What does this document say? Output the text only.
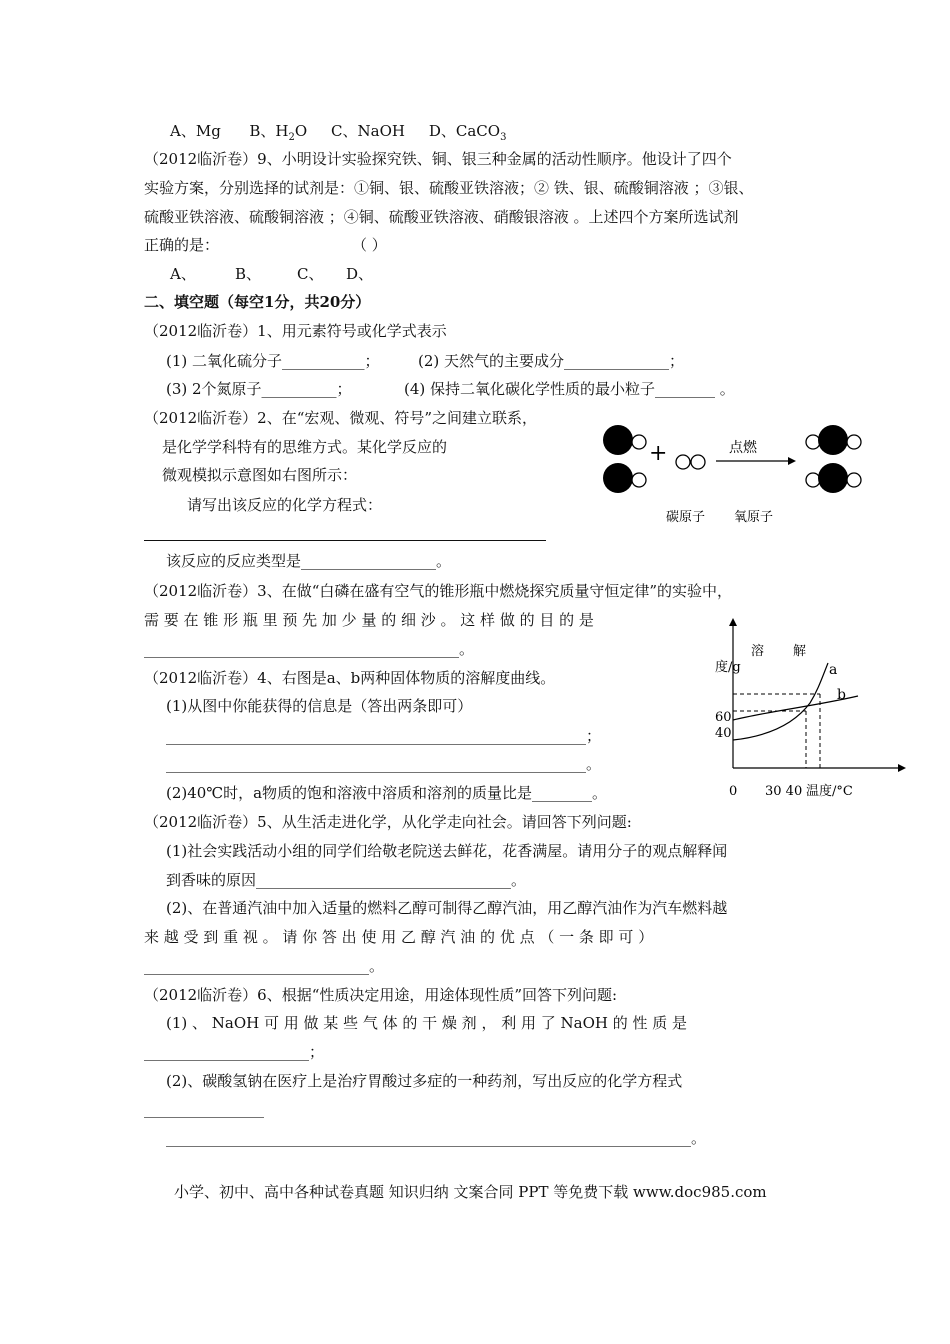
A、Mg B、$H_2O$ C、NaOH D、CaCO$_3$
（2012临沂卷）9、小明设计实验探究铁、铜、银三种金属的活动性顺序。他设计了四个
实验方案，分别选择的试剂是：①铜、银、硫酸亚铁溶液；② 铁、银、硫酸铜溶液 ；③银、
硫酸亚铁溶液、硫酸铜溶液 ；④铜、硫酸亚铁溶液、硝酸银溶液 。上述四个方案所选试剂
正确的是：	（ ）
A、	B、 C、 D、
二、填空题（每空1分，共20分）
（2012临沂卷）1、用元素符号或化学式表示
(1) 二氧化硫分子___________；	(2) 天然气的主要成分______________；
(3) 2个氮原子__________；	(4) 保持二氧化碳化学性质的最小粒子________ 。
（2012临沂卷）2、在“宏观、微观、符号”之间建立联系，
是化学学科特有的思维方式。某化学反应的
微观模拟示意图如右图所示：
请写出该反应的化学方程式：
该反应的反应类型是__________________。
+	点燃
碳原子 氧原子
（2012临沂卷）3、在做“白磷在盛有空气的锥形瓶中燃烧探究质量守恒定律”的实验中，
需 要 在 锥 形 瓶 里 预 先 加 少 量 的 细 沙 。 这 样 做 的 目 的 是
__________________________________________。
（2012临沂卷）4、右图是a、b两种固体物质的溶解度曲线。
(1)从图中你能获得的信息是（答出两条即可）
________________________________________________________；
________________________________________________________。
(2)40℃时，a物质的饱和溶液中溶质和溶剂的质量比是________。
溶 解
度/g
60
40
0 30 40 温度/°C
a
b
（2012临沂卷）5、从生活走进化学，从化学走向社会。请回答下列问题:
(1)社会实践活动小组的同学们给敬老院送去鲜花，花香满屋。请用分子的观点解释闻
到香味的原因__________________________________。
(2)、在普通汽油中加入适量的燃料乙醇可制得乙醇汽油，用乙醇汽油作为汽车燃料越
来 越 受 到 重 视 。 请 你 答 出 使 用 乙 醇 汽 油 的 优 点 （ 一 条 即 可 ）
______________________________。
（2012临沂卷）6、根据“性质决定用途，用途体现性质”回答下列问题:
(1) 、 NaOH 可 用 做 某 些 气 体 的 干 燥 剂 ， 利 用 了 NaOH 的 性 质 是
______________________；
(2)、碳酸氢钠在医疗上是治疗胃酸过多症的一种药剂，写出反应的化学方程式
________________
______________________________________________________________________。
小学、初中、高中各种试卷真题 知识归纳 文案合同 PPT 等免费下载 www.doc985.com
